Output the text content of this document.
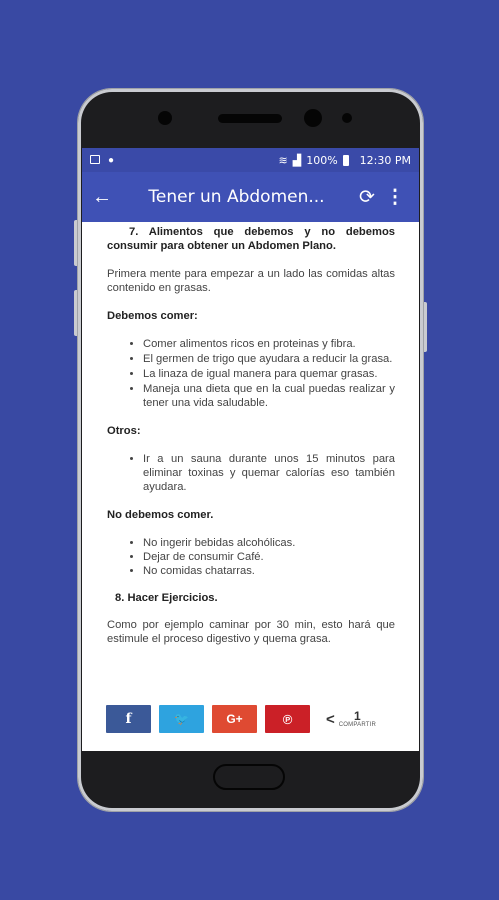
●	≋ ▟ 100% 12:30 PM
←	Tener un Abdomen...	⟳ ⋮

7. Alimentos que debemos y no debemos consumir para obtener un Abdomen Plano.

Primera mente para empezar a un lado las comidas altas contenido en grasas.

Debemos comer:

• Comer alimentos ricos en proteinas y fibra.
• El germen de trigo que ayudara a reducir la grasa.
• La linaza de igual manera para quemar grasas.
• Maneja una dieta que en la cual puedas realizar y tener una vida saludable.

Otros:

• Ir a un sauna durante unos 15 minutos para eliminar toxinas y quemar calorías eso también ayudara.

No debemos comer.

• No ingerir bebidas alcohólicas.
• Dejar de consumir Café.
• No comidas chatarras.

8. Hacer Ejercicios.

Como por ejemplo caminar por 30 min, esto hará que estimule el proceso digestivo y quema grasa.

f	🐦	G+	℗ < 1
COMPARTIR
